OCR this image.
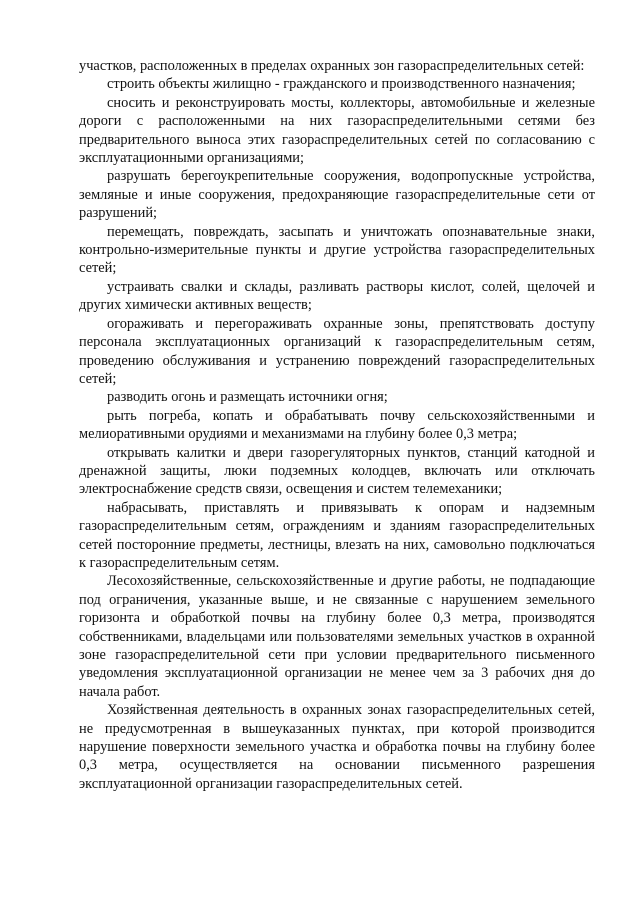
участков, расположенных в пределах охранных зон газораспределительных сетей:

строить объекты жилищно - гражданского и производственного назначения;

сносить и реконструировать мосты, коллекторы, автомобильные и железные дороги с расположенными на них газораспределительными сетями без предварительного выноса этих газораспределительных сетей по согласованию с эксплуатационными организациями;

разрушать берегоукрепительные сооружения, водопропускные устройства, земляные и иные сооружения, предохраняющие газораспределительные сети от разрушений;

перемещать, повреждать, засыпать и уничтожать опознавательные знаки, контрольно-измерительные пункты и другие устройства газораспределительных сетей;

устраивать свалки и склады, разливать растворы кислот, солей, щелочей и других химически активных веществ;

огораживать и перегораживать охранные зоны, препятствовать доступу персонала эксплуатационных организаций к газораспределительным сетям, проведению обслуживания и устранению повреждений газораспределительных сетей;

разводить огонь и размещать источники огня;

рыть погреба, копать и обрабатывать почву сельскохозяйственными и мелиоративными орудиями и механизмами на глубину более 0,3 метра;

открывать калитки и двери газорегуляторных пунктов, станций катодной и дренажной защиты, люки подземных колодцев, включать или отключать электроснабжение средств связи, освещения и систем телемеханики;

набрасывать, приставлять и привязывать к опорам и надземным газораспределительным сетям, ограждениям и зданиям газораспределительных сетей посторонние предметы, лестницы, влезать на них, самовольно подключаться к газораспределительным сетям.

Лесохозяйственные, сельскохозяйственные и другие работы, не подпадающие под ограничения, указанные выше, и не связанные с нарушением земельного горизонта и обработкой почвы на глубину более 0,3 метра, производятся собственниками, владельцами или пользователями земельных участков в охранной зоне газораспределительной сети при условии предварительного письменного уведомления эксплуатационной организации не менее чем за 3 рабочих дня до начала работ.

Хозяйственная деятельность в охранных зонах газораспределительных сетей, не предусмотренная в вышеуказанных пунктах, при которой производится нарушение поверхности земельного участка и обработка почвы на глубину более 0,3 метра, осуществляется на основании письменного разрешения эксплуатационной организации газораспределительных сетей.
